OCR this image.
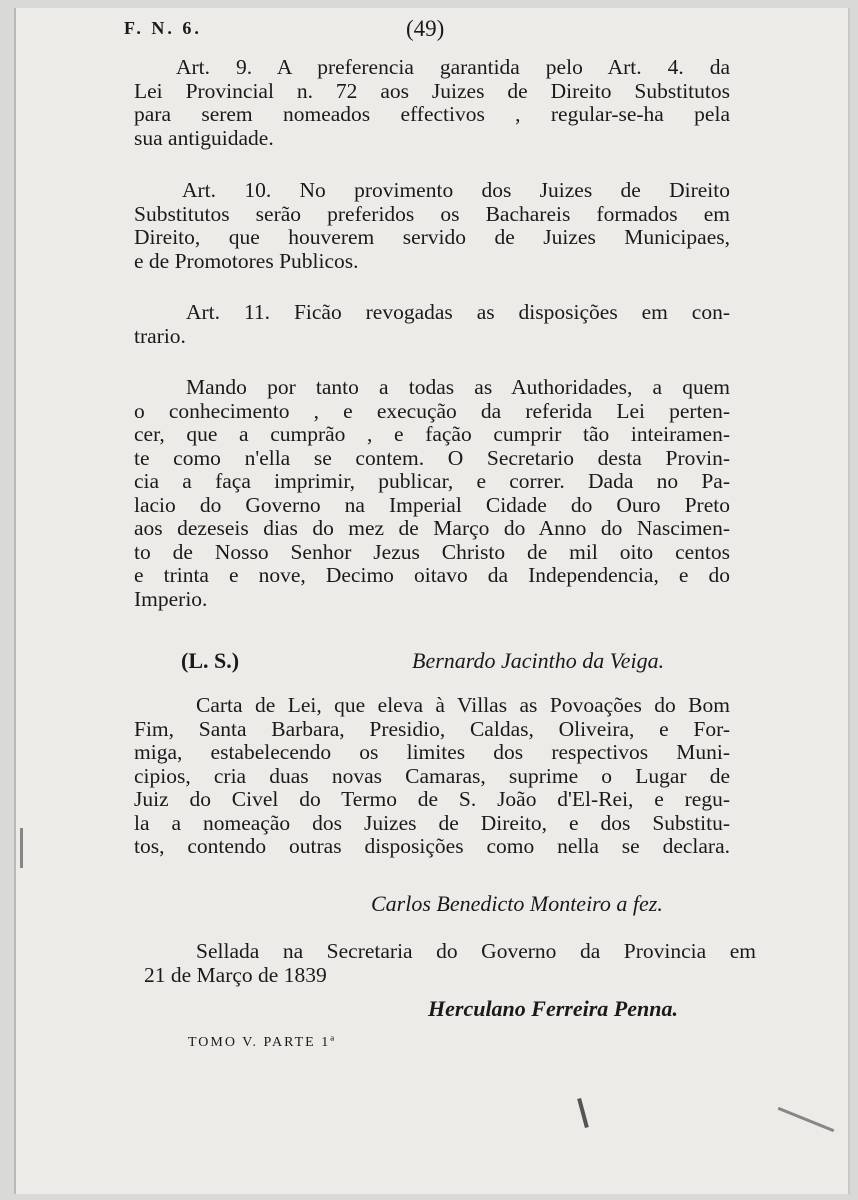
F. N. 6.	(49)
Art. 9. A preferencia garantida pelo Art. 4. da
Lei Provincial n. 72 aos Juizes de Direito Substitutos
para serem nomeados effectivos , regular-se-ha pela
sua antiguidade.
Art. 10. No provimento dos Juizes de Direito
Substitutos serão preferidos os Bachareis formados em
Direito, que houverem servido de Juizes Municipaes,
e de Promotores Publicos.
Art. 11. Ficão revogadas as disposições em con-
trario.
Mando por tanto a todas as Authoridades, a quem
o conhecimento , e execução da referida Lei perten-
cer, que a cumprão , e fação cumprir tão inteiramen-
te como n'ella se contem. O Secretario desta Provin-
cia a faça imprimir, publicar, e correr. Dada no Pa-
lacio do Governo na Imperial Cidade do Ouro Preto
aos dezeseis dias do mez de Março do Anno do Nascimen-
to de Nosso Senhor Jezus Christo de mil oito centos
e trinta e nove, Decimo oitavo da Independencia, e do
Imperio.
(L. S.)	Bernardo Jacintho da Veiga.
Carta de Lei, que eleva à Villas as Povoações do Bom
Fim, Santa Barbara, Presidio, Caldas, Oliveira, e For-
miga, estabelecendo os limites dos respectivos Muni-
cipios, cria duas novas Camaras, suprime o Lugar de
Juiz do Civel do Termo de S. João d'El-Rei, e regu-
la a nomeação dos Juizes de Direito, e dos Substitu-
tos, contendo outras disposições como nella se declara.
Carlos Benedicto Monteiro a fez.
Sellada na Secretaria do Governo da Provincia em
21 de Março de 1839
Herculano Ferreira Penna.
TOMO V. PARTE 1ª
